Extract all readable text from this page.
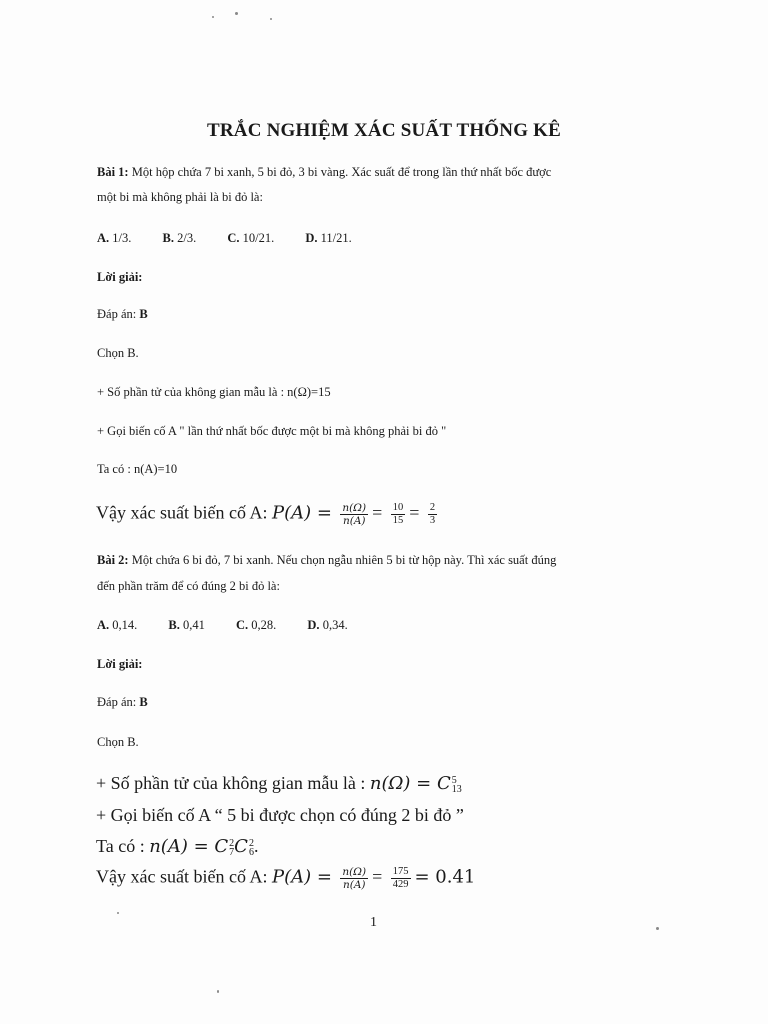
TRẮC NGHIỆM XÁC SUẤT THỐNG KÊ
Bài 1: Một hộp chứa 7 bi xanh, 5 bi đỏ, 3 bi vàng. Xác suất để trong lần thứ nhất bốc được
một bi mà không phải là bi đỏ là:
A. 1/3. B. 2/3. C. 10/21. D. 11/21.
Lời giải:
Đáp án: B
Chọn B.
+ Số phần tử của không gian mẫu là : n(Ω)=15
+ Gọi biến cố A " lần thứ nhất bốc được một bi mà không phải bi đỏ "
Ta có : n(A)=10
Vậy xác suất biến cố A: $P(A) = \frac{n(\Omega)}{n(A)} = \frac{10}{15} = \frac{2}{3}$
Bài 2: Một chứa 6 bi đỏ, 7 bi xanh. Nếu chọn ngẫu nhiên 5 bi từ hộp này. Thì xác suất đúng
đến phần trăm để có đúng 2 bi đỏ là:
A. 0,14. B. 0,41 C. 0,28. D. 0,34.
Lời giải:
Đáp án: B
Chọn B.
+ Số phần tử của không gian mẫu là : n(Ω) = C 5
13
+ Gọi biến cố A “ 5 bi được chọn có đúng 2 bi đỏ ”
Ta có : n(A) = C 2
7 C 2
6 .
Vậy xác suất biến cố A: $P(A) = \frac{n(\Omega)}{n(A)} = \frac{175}{429} = 0.41$
1
